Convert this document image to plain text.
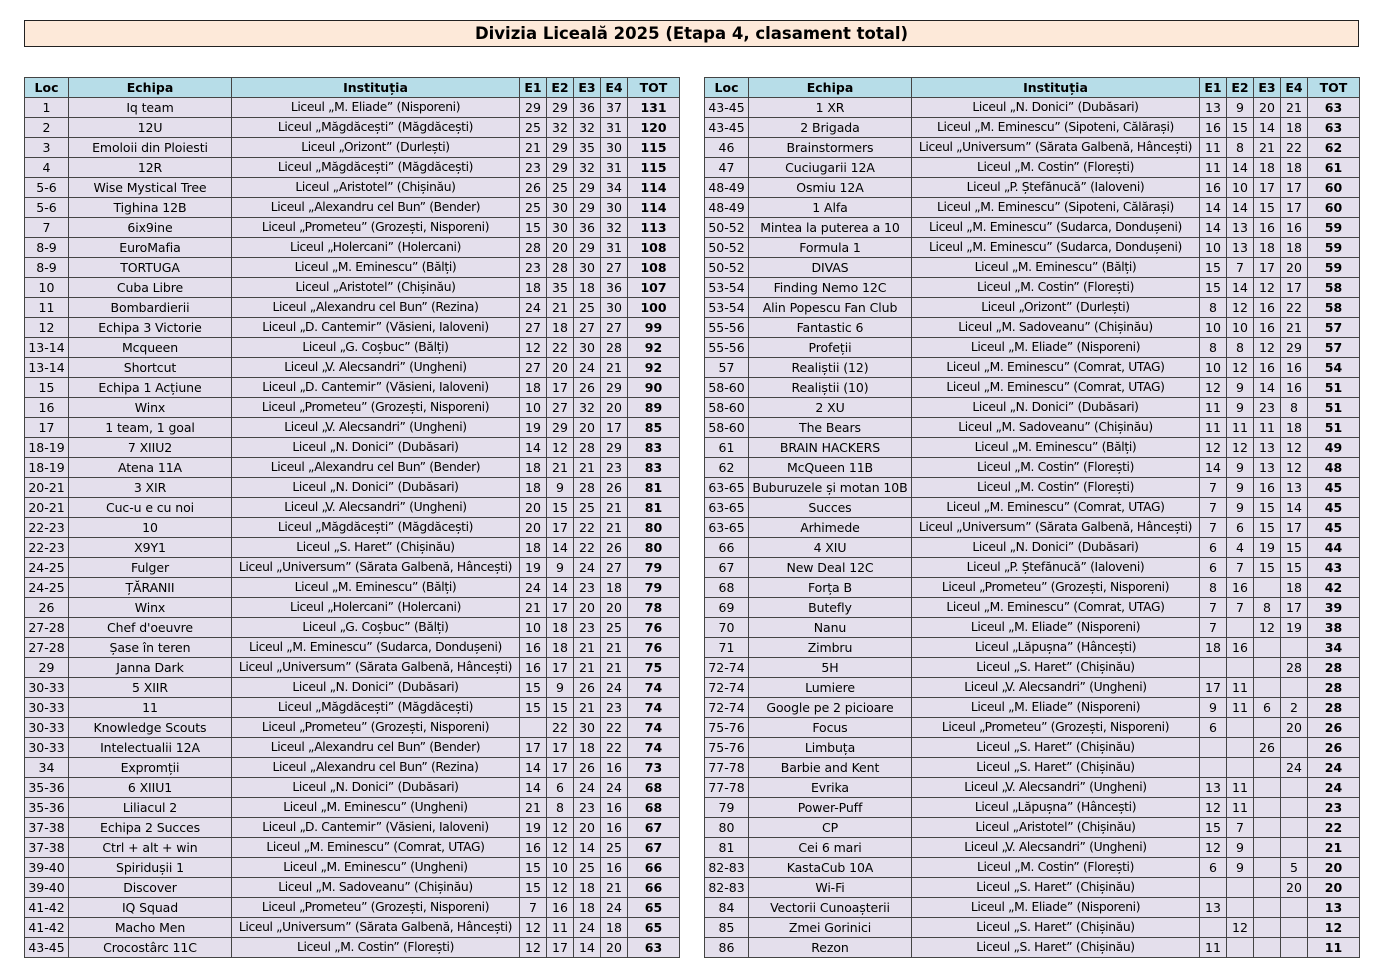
Divizia Liceală 2025 (Etapa 4, clasament total)
Loc	Echipa	Instituția	E1	E2	E3	E4	TOT
1	Iq team	Liceul „M. Eliade” (Nisporeni)	29	29	36	37	131
2	12U	Liceul „Măgdăcești” (Măgdăcești)	25	32	32	31	120
3	Emoloii din Ploiesti	Liceul „Orizont” (Durlești)	21	29	35	30	115
4	12R	Liceul „Măgdăcești” (Măgdăcești)	23	29	32	31	115
5-6	Wise Mystical Tree	Liceul „Aristotel” (Chișinău)	26	25	29	34	114
5-6	Tighina 12B	Liceul „Alexandru cel Bun” (Bender)	25	30	29	30	114
7	6ix9ine	Liceul „Prometeu” (Grozești, Nisporeni)	15	30	36	32	113
8-9	EuroMafia	Liceul „Holercani” (Holercani)	28	20	29	31	108
8-9	TORTUGA	Liceul „M. Eminescu” (Bălți)	23	28	30	27	108
10	Cuba Libre	Liceul „Aristotel” (Chișinău)	18	35	18	36	107
11	Bombardierii	Liceul „Alexandru cel Bun” (Rezina)	24	21	25	30	100
12	Echipa 3 Victorie	Liceul „D. Cantemir” (Văsieni, Ialoveni)	27	18	27	27	99
13-14	Mcqueen	Liceul „G. Coșbuc” (Bălți)	12	22	30	28	92
13-14	Shortcut	Liceul „V. Alecsandri” (Ungheni)	27	20	24	21	92
15	Echipa 1 Acțiune	Liceul „D. Cantemir” (Văsieni, Ialoveni)	18	17	26	29	90
16	Winx	Liceul „Prometeu” (Grozești, Nisporeni)	10	27	32	20	89
17	1 team, 1 goal	Liceul „V. Alecsandri” (Ungheni)	19	29	20	17	85
18-19	7 XIIU2	Liceul „N. Donici” (Dubăsari)	14	12	28	29	83
18-19	Atena 11A	Liceul „Alexandru cel Bun” (Bender)	18	21	21	23	83
20-21	3 XIR	Liceul „N. Donici” (Dubăsari)	18	9	28	26	81
20-21	Cuc-u e cu noi	Liceul „V. Alecsandri” (Ungheni)	20	15	25	21	81
22-23	10	Liceul „Măgdăcești” (Măgdăcești)	20	17	22	21	80
22-23	X9Y1	Liceul „S. Haret” (Chișinău)	18	14	22	26	80
24-25	Fulger	Liceul „Universum” (Sărata Galbenă, Hâncești)	19	9	24	27	79
24-25	ȚĂRANII	Liceul „M. Eminescu” (Bălți)	24	14	23	18	79
26	Winx	Liceul „Holercani” (Holercani)	21	17	20	20	78
27-28	Chef d'oeuvre	Liceul „G. Coșbuc” (Bălți)	10	18	23	25	76
27-28	Șase în teren	Liceul „M. Eminescu” (Sudarca, Dondușeni)	16	18	21	21	76
29	Janna Dark	Liceul „Universum” (Sărata Galbenă, Hâncești)	16	17	21	21	75
30-33	5 XIIR	Liceul „N. Donici” (Dubăsari)	15	9	26	24	74
30-33	11	Liceul „Măgdăcești” (Măgdăcești)	15	15	21	23	74
30-33	Knowledge Scouts	Liceul „Prometeu” (Grozești, Nisporeni)		22	30	22	74
30-33	Intelectualii 12A	Liceul „Alexandru cel Bun” (Bender)	17	17	18	22	74
34	Expromții	Liceul „Alexandru cel Bun” (Rezina)	14	17	26	16	73
35-36	6 XIIU1	Liceul „N. Donici” (Dubăsari)	14	6	24	24	68
35-36	Liliacul 2	Liceul „M. Eminescu” (Ungheni)	21	8	23	16	68
37-38	Echipa 2 Succes	Liceul „D. Cantemir” (Văsieni, Ialoveni)	19	12	20	16	67
37-38	Ctrl + alt + win	Liceul „M. Eminescu” (Comrat, UTAG)	16	12	14	25	67
39-40	Spiridușii 1	Liceul „M. Eminescu” (Ungheni)	15	10	25	16	66
39-40	Discover	Liceul „M. Sadoveanu” (Chișinău)	15	12	18	21	66
41-42	IQ Squad	Liceul „Prometeu” (Grozești, Nisporeni)	7	16	18	24	65
41-42	Macho Men	Liceul „Universum” (Sărata Galbenă, Hâncești)	12	11	24	18	65
43-45	Crocostârc 11C	Liceul „M. Costin” (Florești)	12	17	14	20	63
Loc	Echipa	Instituția	E1	E2	E3	E4	TOT
43-45	1 XR	Liceul „N. Donici” (Dubăsari)	13	9	20	21	63
43-45	2 Brigada	Liceul „M. Eminescu” (Sipoteni, Călărași)	16	15	14	18	63
46	Brainstormers	Liceul „Universum” (Sărata Galbenă, Hâncești)	11	8	21	22	62
47	Cuciugarii 12A	Liceul „M. Costin” (Florești)	11	14	18	18	61
48-49	Osmiu 12A	Liceul „P. Ștefănucă” (Ialoveni)	16	10	17	17	60
48-49	1 Alfa	Liceul „M. Eminescu” (Sipoteni, Călărași)	14	14	15	17	60
50-52	Mintea la puterea a 10	Liceul „M. Eminescu” (Sudarca, Dondușeni)	14	13	16	16	59
50-52	Formula 1	Liceul „M. Eminescu” (Sudarca, Dondușeni)	10	13	18	18	59
50-52	DIVAS	Liceul „M. Eminescu” (Bălți)	15	7	17	20	59
53-54	Finding Nemo 12C	Liceul „M. Costin” (Florești)	15	14	12	17	58
53-54	Alin Popescu Fan Club	Liceul „Orizont” (Durlești)	8	12	16	22	58
55-56	Fantastic 6	Liceul „M. Sadoveanu” (Chișinău)	10	10	16	21	57
55-56	Profeții	Liceul „M. Eliade” (Nisporeni)	8	8	12	29	57
57	Realiștii (12)	Liceul „M. Eminescu” (Comrat, UTAG)	10	12	16	16	54
58-60	Realiștii (10)	Liceul „M. Eminescu” (Comrat, UTAG)	12	9	14	16	51
58-60	2 XU	Liceul „N. Donici” (Dubăsari)	11	9	23	8	51
58-60	The Bears	Liceul „M. Sadoveanu” (Chișinău)	11	11	11	18	51
61	BRAIN HACKERS	Liceul „M. Eminescu” (Bălți)	12	12	13	12	49
62	McQueen 11B	Liceul „M. Costin” (Florești)	14	9	13	12	48
63-65	Buburuzele și motan 10B	Liceul „M. Costin” (Florești)	7	9	16	13	45
63-65	Succes	Liceul „M. Eminescu” (Comrat, UTAG)	7	9	15	14	45
63-65	Arhimede	Liceul „Universum” (Sărata Galbenă, Hâncești)	7	6	15	17	45
66	4 XIU	Liceul „N. Donici” (Dubăsari)	6	4	19	15	44
67	New Deal 12C	Liceul „P. Ștefănucă” (Ialoveni)	6	7	15	15	43
68	Forța B	Liceul „Prometeu” (Grozești, Nisporeni)	8	16		18	42
69	Butefly	Liceul „M. Eminescu” (Comrat, UTAG)	7	7	8	17	39
70	Nanu	Liceul „M. Eliade” (Nisporeni)	7		12	19	38
71	Zimbru	Liceul „Lăpușna” (Hâncești)	18	16			34
72-74	5H	Liceul „S. Haret” (Chișinău)				28	28
72-74	Lumiere	Liceul „V. Alecsandri” (Ungheni)	17	11			28
72-74	Google pe 2 picioare	Liceul „M. Eliade” (Nisporeni)	9	11	6	2	28
75-76	Focus	Liceul „Prometeu” (Grozești, Nisporeni)	6			20	26
75-76	Limbuța	Liceul „S. Haret” (Chișinău)			26		26
77-78	Barbie and Kent	Liceul „S. Haret” (Chișinău)				24	24
77-78	Evrika	Liceul „V. Alecsandri” (Ungheni)	13	11			24
79	Power-Puff	Liceul „Lăpușna” (Hâncești)	12	11			23
80	CP	Liceul „Aristotel” (Chișinău)	15	7			22
81	Cei 6 mari	Liceul „V. Alecsandri” (Ungheni)	12	9			21
82-83	KastaCub 10A	Liceul „M. Costin” (Florești)	6	9		5	20
82-83	Wi-Fi	Liceul „S. Haret” (Chișinău)				20	20
84	Vectorii Cunoașterii	Liceul „M. Eliade” (Nisporeni)	13				13
85	Zmei Gorinici	Liceul „S. Haret” (Chișinău)		12			12
86	Rezon	Liceul „S. Haret” (Chișinău)	11				11
